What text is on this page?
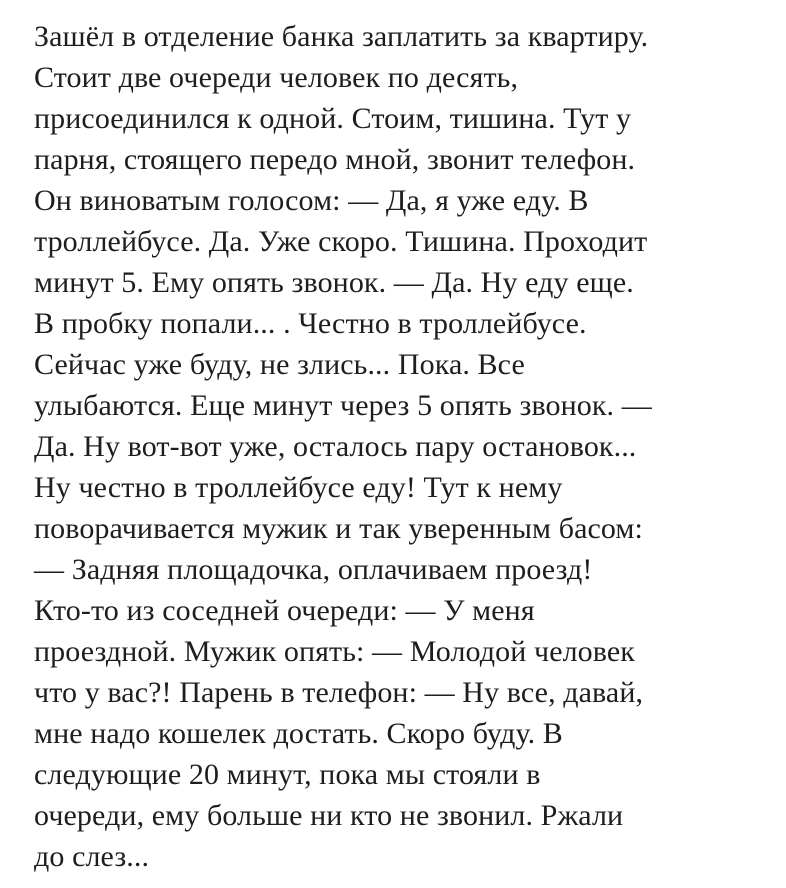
Зашёл в отделение банка заплатить за квартиру.

Стоит две очереди человек по десять,

присоединился к одной. Стоим, тишина. Тут у

парня, стоящего передо мной, звонит телефон.

Он виноватым голосом: — Да, я уже еду. В

троллейбусе. Да. Уже скоро. Тишина. Проходит

минут 5. Ему опять звонок. — Да. Ну еду еще.

В пробку попали... . Честно в троллейбусе.

Сейчас уже буду, не злись... Пока. Все

улыбаются. Еще минут через 5 опять звонок. —

Да. Ну вот-вот уже, осталось пару остановок...

Ну честно в троллейбусе еду! Тут к нему

поворачивается мужик и так уверенным басом:

— Задняя площадочка, оплачиваем проезд!

Кто-то из соседней очереди: — У меня

проездной. Мужик опять: — Молодой человек

что у вас?! Парень в телефон: — Ну все, давай,

мне надо кошелек достать. Скоро буду. В

следующие 20 минут, пока мы стояли в

очереди, ему больше ни кто не звонил. Ржали

до слез...
